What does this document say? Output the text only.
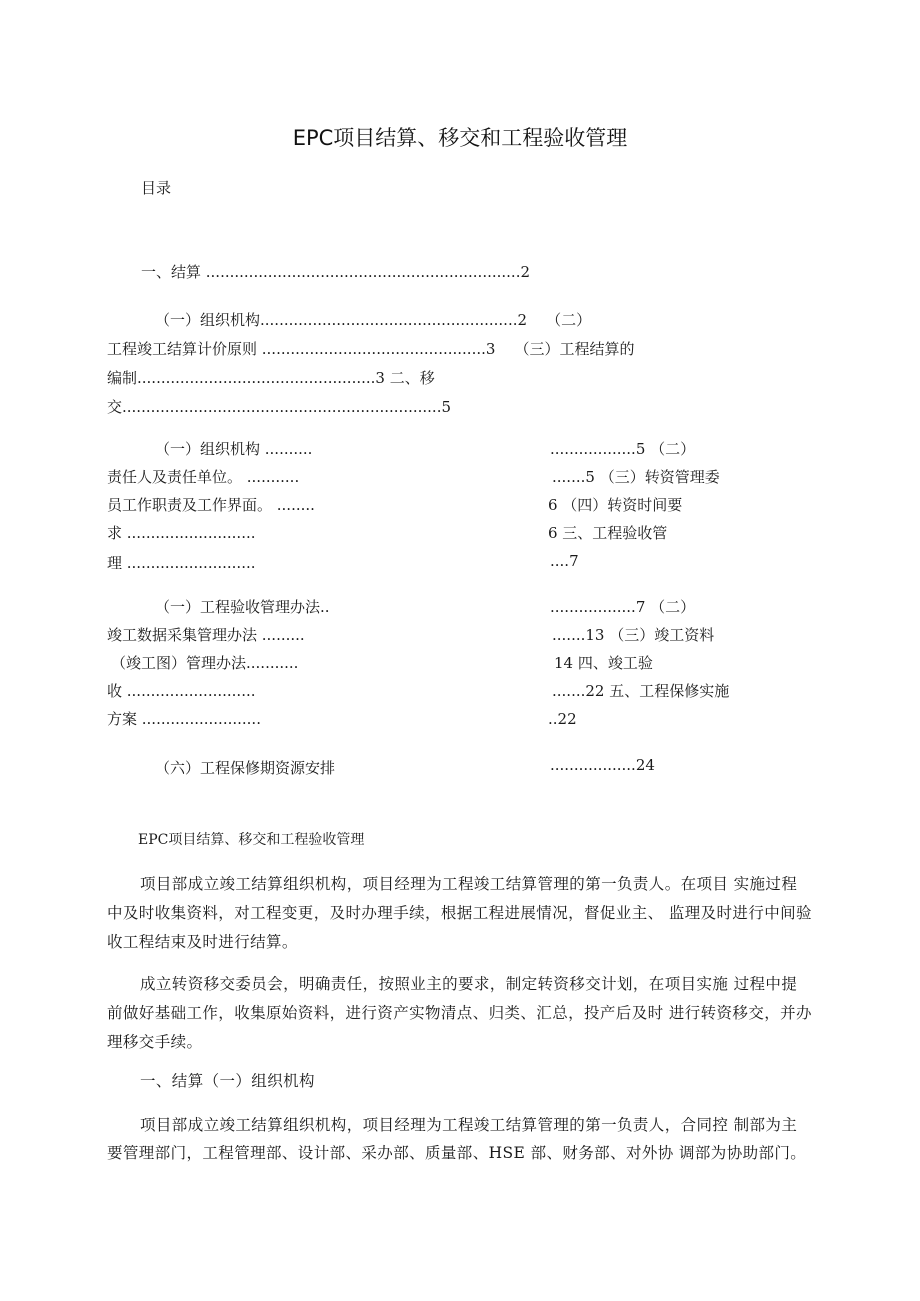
EPC项目结算、移交和工程验收管理
目录
一、结算 ..................................................................2
（一）组织机构......................................................2    （二）
工程竣工结算计价原则 ...............................................3    （三）工程结算的
编制..................................................3 二、移
交...................................................................5
（一）组织机构 ..........
责任人及责任单位。 ...........
员工作职责及工作界面。 ........
求 ...........................
理 ...........................
（一）工程验收管理办法..
竣工数据采集管理办法 .........
（竣工图）管理办法...........
收 ...........................
方案 .........................
（六）工程保修期资源安排
..................5 （二）
.......5 （三）转资管理委
6 （四）转资时间要
6 三、工程验收管
....7
..................7 （二）
.......13 （三）竣工资料
14 四、竣工验
.......22 五、工程保修实施
..22
..................24
EPC项目结算、移交和工程验收管理
项目部成立竣工结算组织机构，项目经理为工程竣工结算管理的第一负责人。在项目 实施过程
中及时收集资料，对工程变更，及时办理手续，根据工程进展情况，督促业主、 监理及时进行中间验
收工程结束及时进行结算。
成立转资移交委员会，明确责任，按照业主的要求，制定转资移交计划，在项目实施 过程中提
前做好基础工作，收集原始资料，进行资产实物清点、归类、汇总，投产后及时 进行转资移交，并办
理移交手续。
一、结算（一）组织机构
项目部成立竣工结算组织机构，项目经理为工程竣工结算管理的第一负责人，合同控 制部为主
要管理部门，工程管理部、设计部、采办部、质量部、HSE 部、财务部、对外协 调部为协助部门。
